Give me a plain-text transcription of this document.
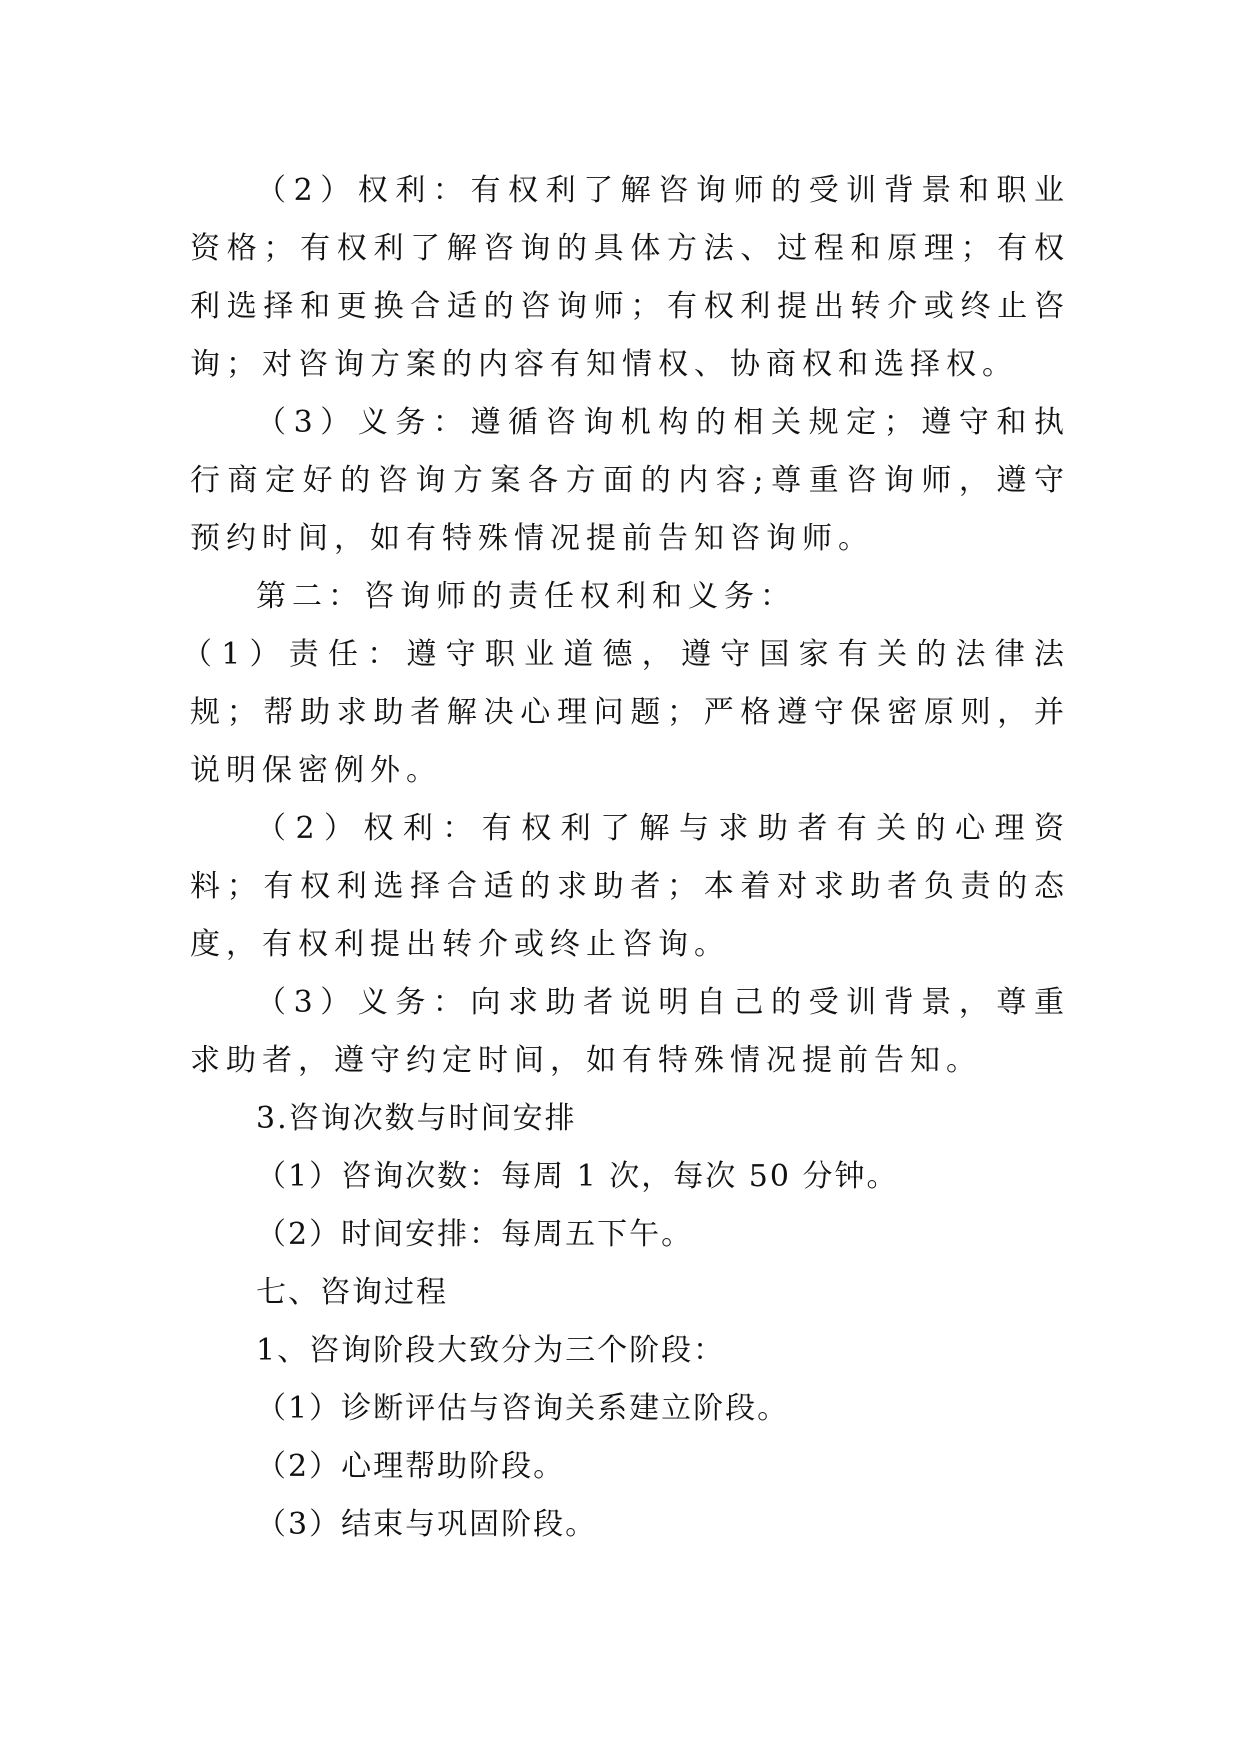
（2）权利：有权利了解咨询师的受训背景和职业资格；有权利了解咨询的具体方法、过程和原理；有权利选择和更换合适的咨询师；有权利提出转介或终止咨询；对咨询方案的内容有知情权、协商权和选择权。

（3）义务：遵循咨询机构的相关规定；遵守和执行商定好的咨询方案各方面的内容;尊重咨询师，遵守预约时间，如有特殊情况提前告知咨询师。

第二：咨询师的责任权利和义务：

（1）责任：遵守职业道德，遵守国家有关的法律法规；帮助求助者解决心理问题；严格遵守保密原则，并说明保密例外。

（2）权利：有权利了解与求助者有关的心理资料；有权利选择合适的求助者；本着对求助者负责的态度，有权利提出转介或终止咨询。

（3）义务：向求助者说明自己的受训背景，尊重求助者，遵守约定时间，如有特殊情况提前告知。

3.咨询次数与时间安排

（1）咨询次数：每周 1 次，每次 50 分钟。

（2）时间安排：每周五下午。

七、咨询过程

1、咨询阶段大致分为三个阶段：

（1）诊断评估与咨询关系建立阶段。

（2）心理帮助阶段。

（3）结束与巩固阶段。
